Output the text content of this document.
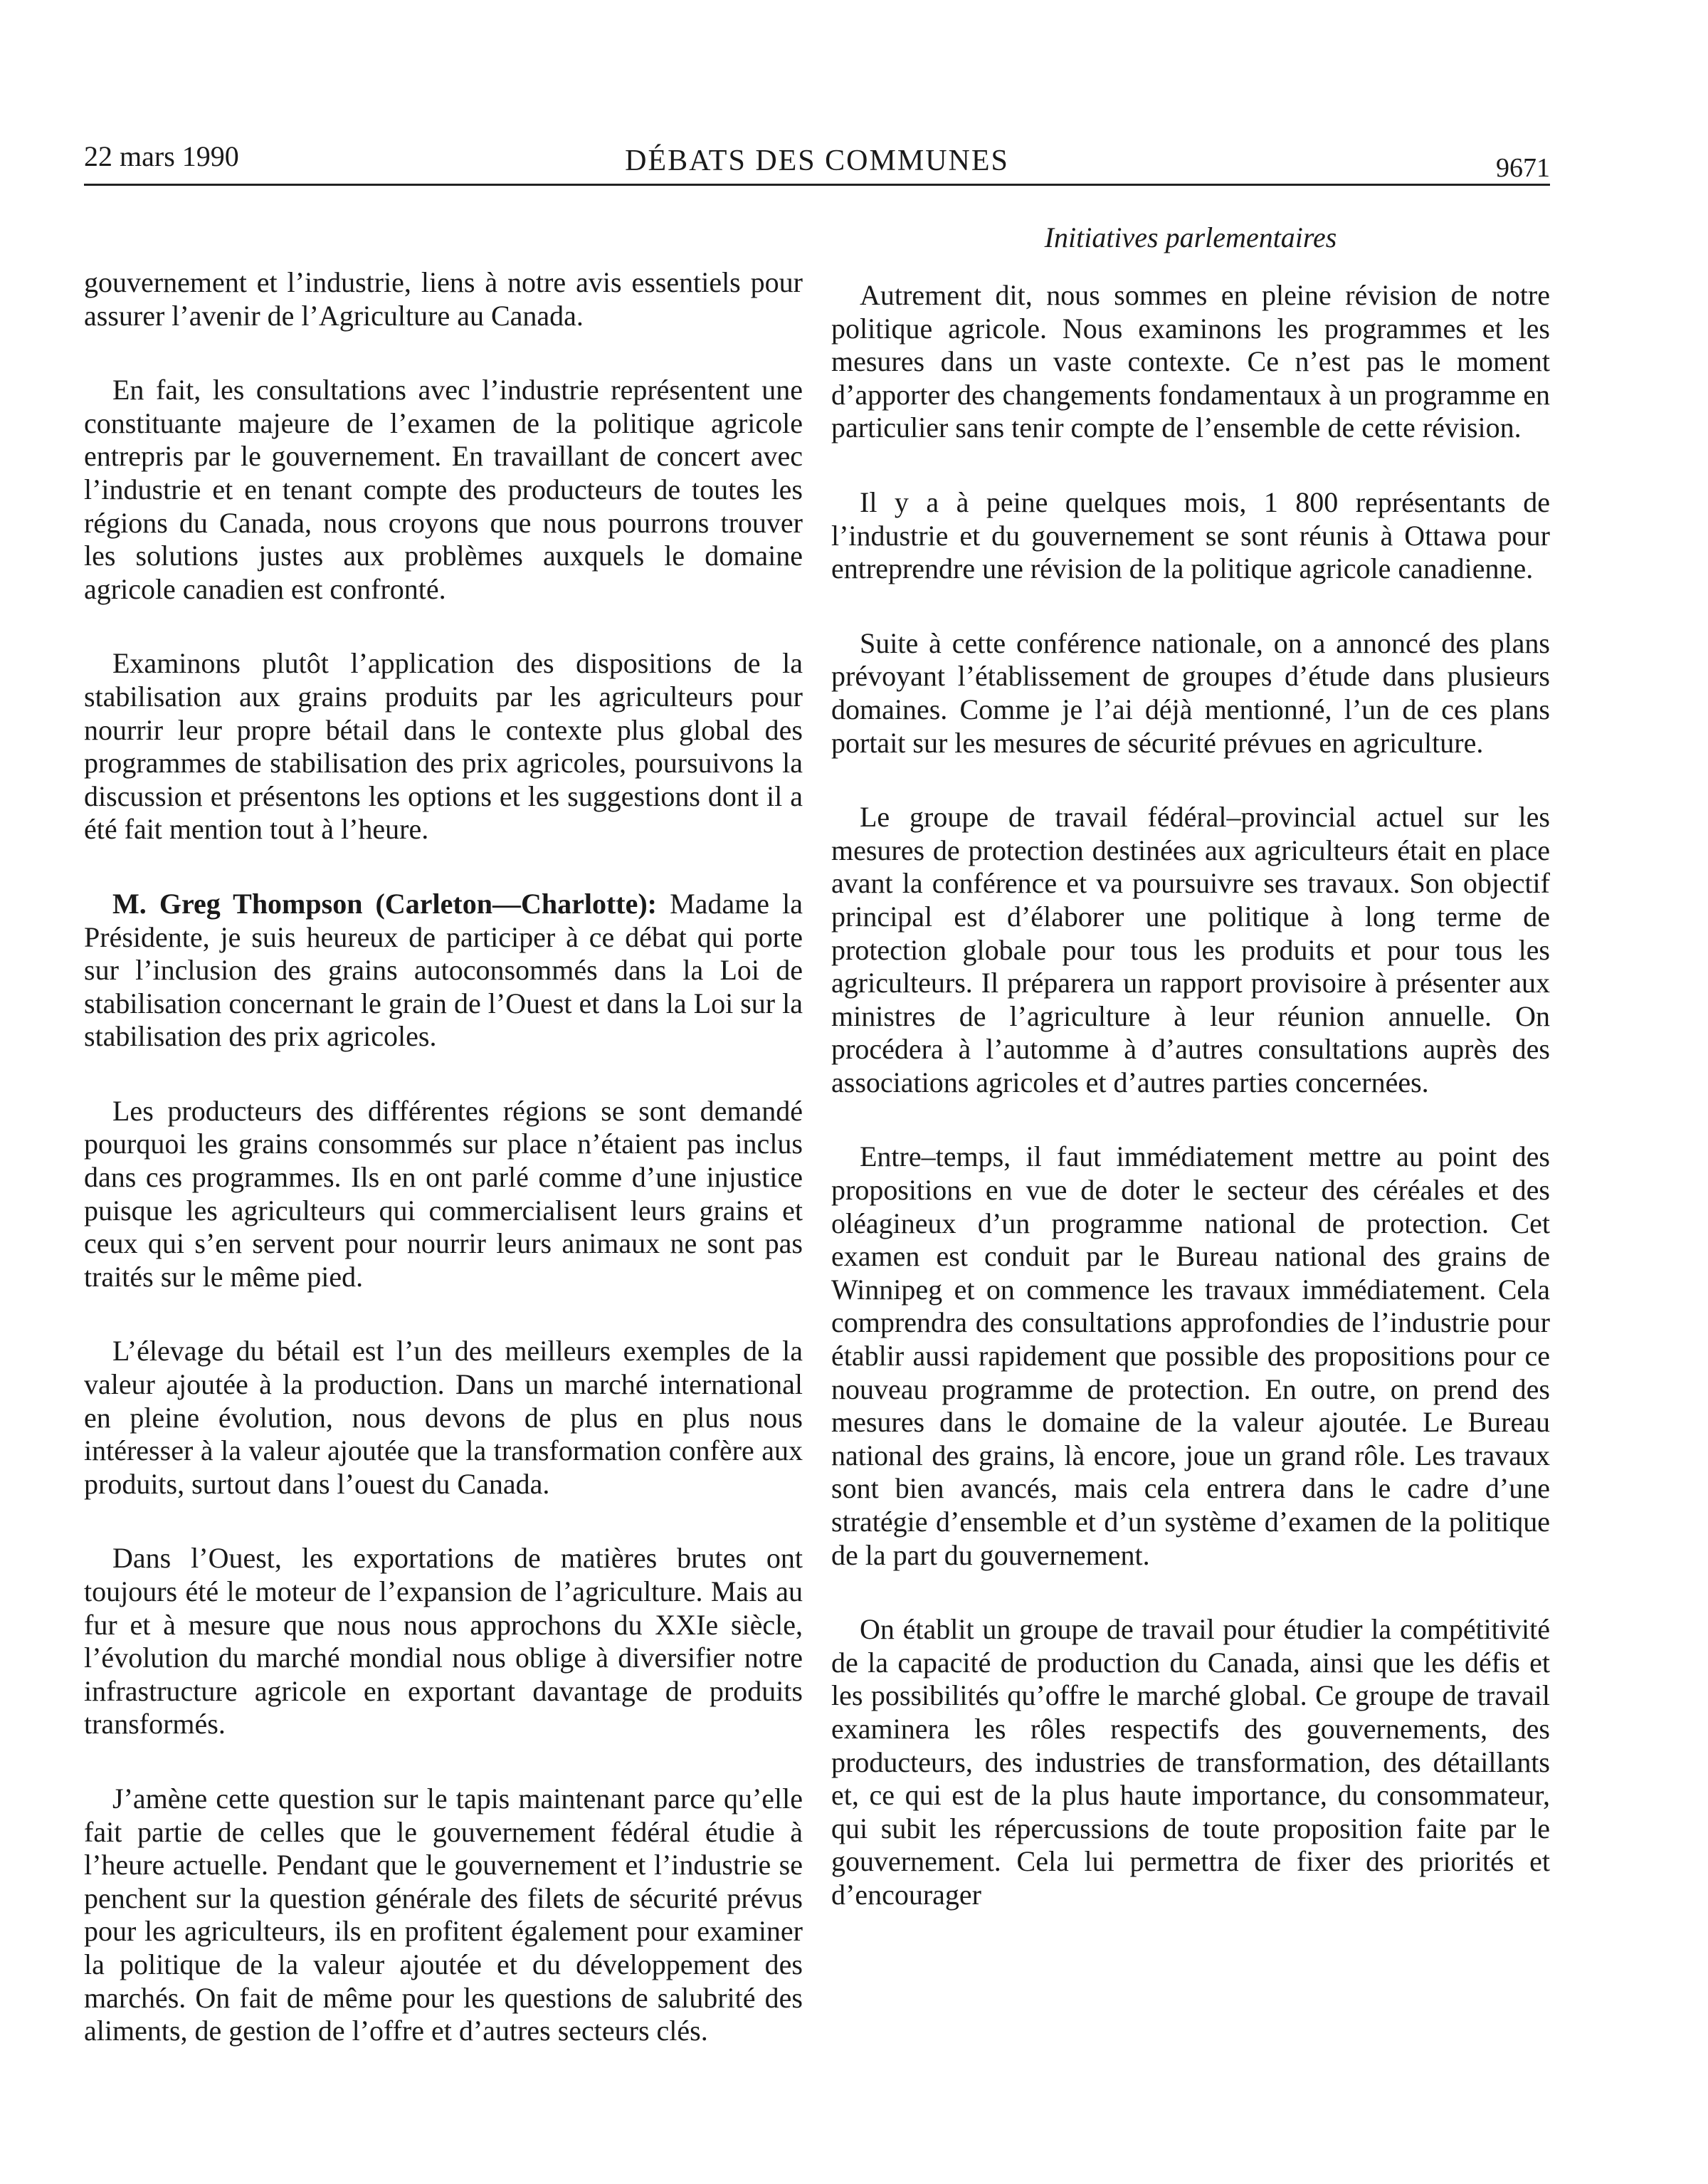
22 mars 1990	DÉBATS DES COMMUNES	9671
Initiatives parlementaires

gouvernement et l’industrie, liens à notre avis essentiels pour assurer l’avenir de l’Agriculture au Canada.

En fait, les consultations avec l’industrie représentent une constituante majeure de l’examen de la politique agricole entrepris par le gouvernement. En travaillant de concert avec l’industrie et en tenant compte des producteurs de toutes les régions du Canada, nous croyons que nous pourrons trouver les solutions justes aux problèmes auxquels le domaine agricole canadien est confronté.

Examinons plutôt l’application des dispositions de la stabilisation aux grains produits par les agriculteurs pour nourrir leur propre bétail dans le contexte plus global des programmes de stabilisation des prix agricoles, poursuivons la discussion et présentons les options et les suggestions dont il a été fait mention tout à l’heure.

M. Greg Thompson (Carleton—Charlotte): Madame la Présidente, je suis heureux de participer à ce débat qui porte sur l’inclusion des grains autoconsommés dans la Loi de stabilisation concernant le grain de l’Ouest et dans la Loi sur la stabilisation des prix agricoles.

Les producteurs des différentes régions se sont demandé pourquoi les grains consommés sur place n’étaient pas inclus dans ces programmes. Ils en ont parlé comme d’une injustice puisque les agriculteurs qui commercialisent leurs grains et ceux qui s’en servent pour nourrir leurs animaux ne sont pas traités sur le même pied.

L’élevage du bétail est l’un des meilleurs exemples de la valeur ajoutée à la production. Dans un marché international en pleine évolution, nous devons de plus en plus nous intéresser à la valeur ajoutée que la transformation confère aux produits, surtout dans l’ouest du Canada.

Dans l’Ouest, les exportations de matières brutes ont toujours été le moteur de l’expansion de l’agriculture. Mais au fur et à mesure que nous nous approchons du XXIe siècle, l’évolution du marché mondial nous oblige à diversifier notre infrastructure agricole en exportant davantage de produits transformés.

J’amène cette question sur le tapis maintenant parce qu’elle fait partie de celles que le gouvernement fédéral étudie à l’heure actuelle. Pendant que le gouvernement et l’industrie se penchent sur la question générale des filets de sécurité prévus pour les agriculteurs, ils en profitent également pour examiner la politique de la valeur ajoutée et du développement des marchés. On fait de même pour les questions de salubrité des aliments, de gestion de l’offre et d’autres secteurs clés.

Autrement dit, nous sommes en pleine révision de notre politique agricole. Nous examinons les programmes et les mesures dans un vaste contexte. Ce n’est pas le moment d’apporter des changements fondamentaux à un programme en particulier sans tenir compte de l’ensemble de cette révision.

Il y a à peine quelques mois, 1 800 représentants de l’industrie et du gouvernement se sont réunis à Ottawa pour entreprendre une révision de la politique agricole canadienne.

Suite à cette conférence nationale, on a annoncé des plans prévoyant l’établissement de groupes d’étude dans plusieurs domaines. Comme je l’ai déjà mentionné, l’un de ces plans portait sur les mesures de sécurité prévues en agriculture.

Le groupe de travail fédéral–provincial actuel sur les mesures de protection destinées aux agriculteurs était en place avant la conférence et va poursuivre ses travaux. Son objectif principal est d’élaborer une politique à long terme de protection globale pour tous les produits et pour tous les agriculteurs. Il préparera un rapport provisoire à présenter aux ministres de l’agriculture à leur réunion annuelle. On procédera à l’automme à d’autres consultations auprès des associations agricoles et d’autres parties concernées.

Entre–temps, il faut immédiatement mettre au point des propositions en vue de doter le secteur des céréales et des oléagineux d’un programme national de protection. Cet examen est conduit par le Bureau national des grains de Winnipeg et on commence les travaux immédiatement. Cela comprendra des consultations approfondies de l’industrie pour établir aussi rapidement que possible des propositions pour ce nouveau programme de protection. En outre, on prend des mesures dans le domaine de la valeur ajoutée. Le Bureau national des grains, là encore, joue un grand rôle. Les travaux sont bien avancés, mais cela entrera dans le cadre d’une stratégie d’ensemble et d’un système d’examen de la politique de la part du gouvernement.

On établit un groupe de travail pour étudier la compétitivité de la capacité de production du Canada, ainsi que les défis et les possibilités qu’offre le marché global. Ce groupe de travail examinera les rôles respectifs des gouvernements, des producteurs, des industries de transformation, des détaillants et, ce qui est de la plus haute importance, du consommateur, qui subit les répercussions de toute proposition faite par le gouvernement. Cela lui permettra de fixer des priorités et d’encourager
